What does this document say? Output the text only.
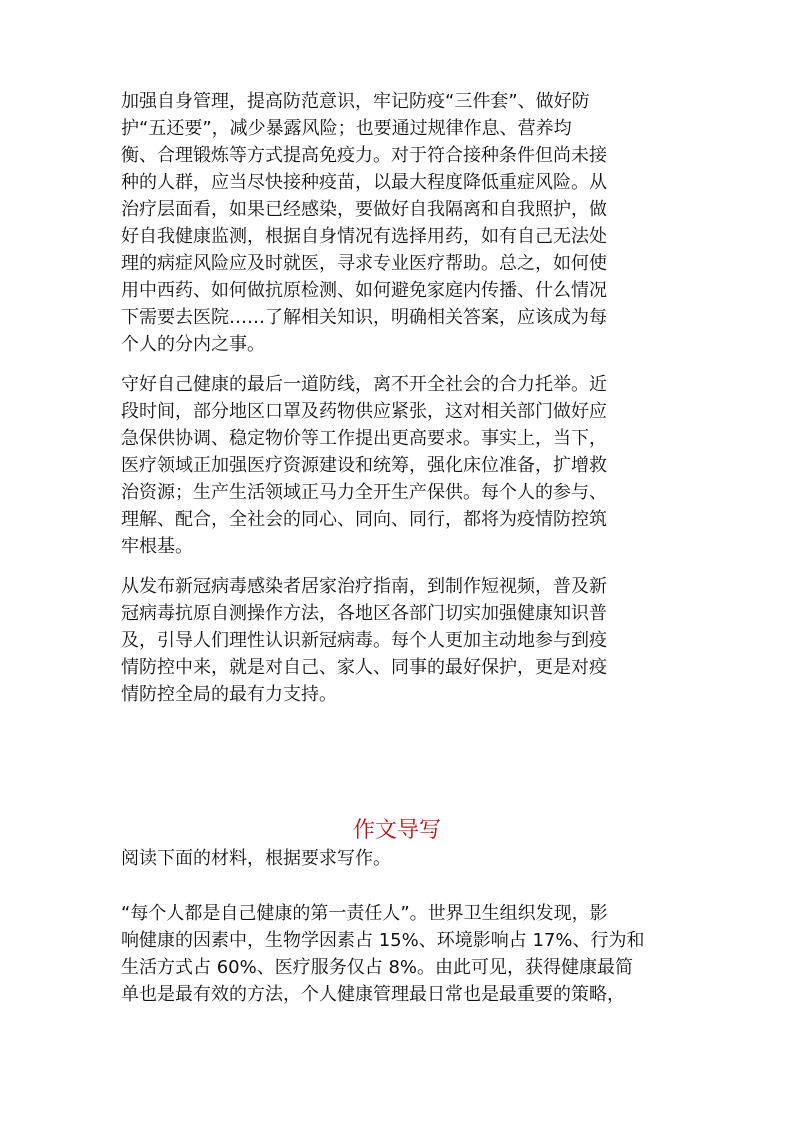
加强自身管理，提高防范意识，牢记防疫“三件套”、做好防
护“五还要”，减少暴露风险；也要通过规律作息、营养均
衡、合理锻炼等方式提高免疫力。对于符合接种条件但尚未接
种的人群，应当尽快接种疫苗，以最大程度降低重症风险。从
治疗层面看，如果已经感染，要做好自我隔离和自我照护，做
好自我健康监测，根据自身情况有选择用药，如有自己无法处
理的病症风险应及时就医，寻求专业医疗帮助。总之，如何使
用中西药、如何做抗原检测、如何避免家庭内传播、什么情况
下需要去医院……了解相关知识，明确相关答案，应该成为每
个人的分内之事。
守好自己健康的最后一道防线，离不开全社会的合力托举。近
段时间，部分地区口罩及药物供应紧张，这对相关部门做好应
急保供协调、稳定物价等工作提出更高要求。事实上，当下，
医疗领域正加强医疗资源建设和统筹，强化床位准备，扩增救
治资源；生产生活领域正马力全开生产保供。每个人的参与、
理解、配合，全社会的同心、同向、同行，都将为疫情防控筑
牢根基。
从发布新冠病毒感染者居家治疗指南，到制作短视频，普及新
冠病毒抗原自测操作方法，各地区各部门切实加强健康知识普
及，引导人们理性认识新冠病毒。每个人更加主动地参与到疫
情防控中来，就是对自己、家人、同事的最好保护，更是对疫
情防控全局的最有力支持。
作文导写
阅读下面的材料，根据要求写作。
“每个人都是自己健康的第一责任人”。世界卫生组织发现，影
响健康的因素中，生物学因素占 15%、环境影响占 17%、行为和
生活方式占 60%、医疗服务仅占 8%。由此可见，获得健康最简
单也是最有效的方法，个人健康管理最日常也是最重要的策略，
